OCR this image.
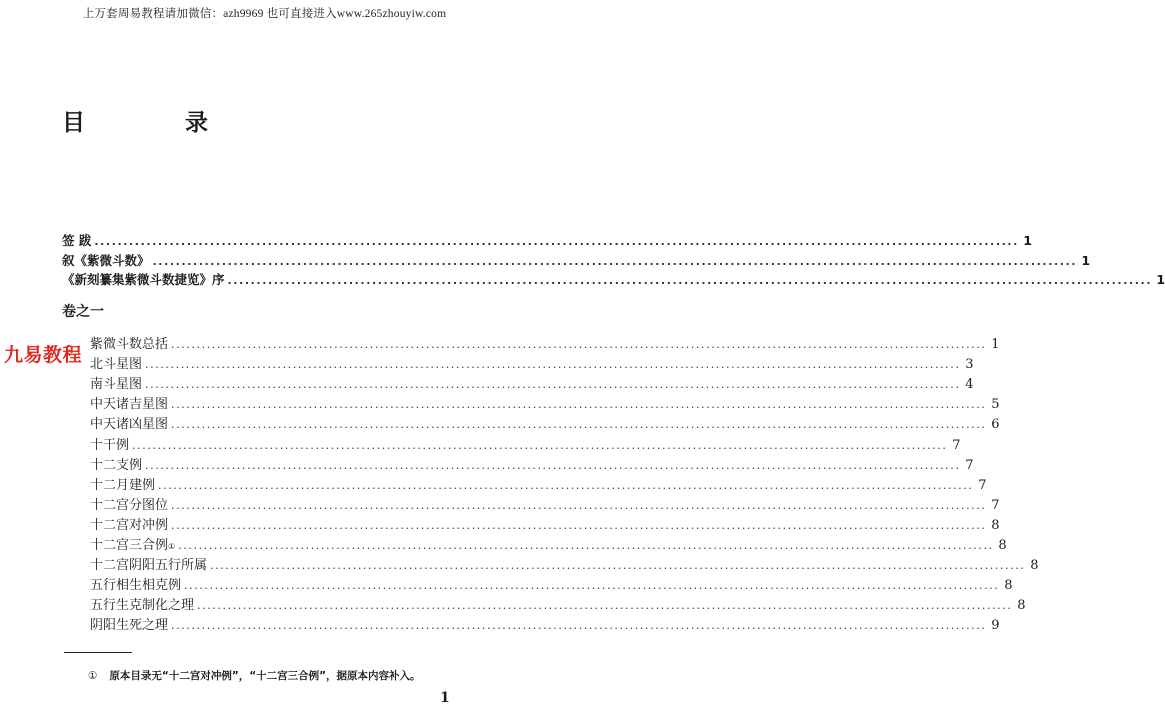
上万套周易教程请加微信：azh9969 也可直接进入www.265zhouyiw.com
目 录
签 跋 ................................................................................................................................................................ 1
叙《紫微斗数》 ................................................................................................................................................................ 1
《新刻纂集紫微斗数捷览》序 ................................................................................................................................................................ 1
卷之一
紫微斗数总括 ................................................................................................................................................................ 1
北斗星图 ................................................................................................................................................................ 3
南斗星图 ................................................................................................................................................................ 4
中天诸吉星图 ................................................................................................................................................................ 5
中天诸凶星图 ................................................................................................................................................................ 6
十干例 ................................................................................................................................................................ 7
十二支例 ................................................................................................................................................................ 7
十二月建例 ................................................................................................................................................................ 7
十二宫分图位 ................................................................................................................................................................ 7
十二宫对冲例 ................................................................................................................................................................ 8
十二宫三合例 ① ................................................................................................................................................................ 8
十二宫阴阳五行所属 ................................................................................................................................................................ 8
五行相生相克例 ................................................................................................................................................................ 8
五行生克制化之理 ................................................................................................................................................................ 8
阴阳生死之理 ................................................................................................................................................................ 9
九易教程
① 原本目录无“十二宫对冲例”，“十二宫三合例”，据原本内容补入。
1
